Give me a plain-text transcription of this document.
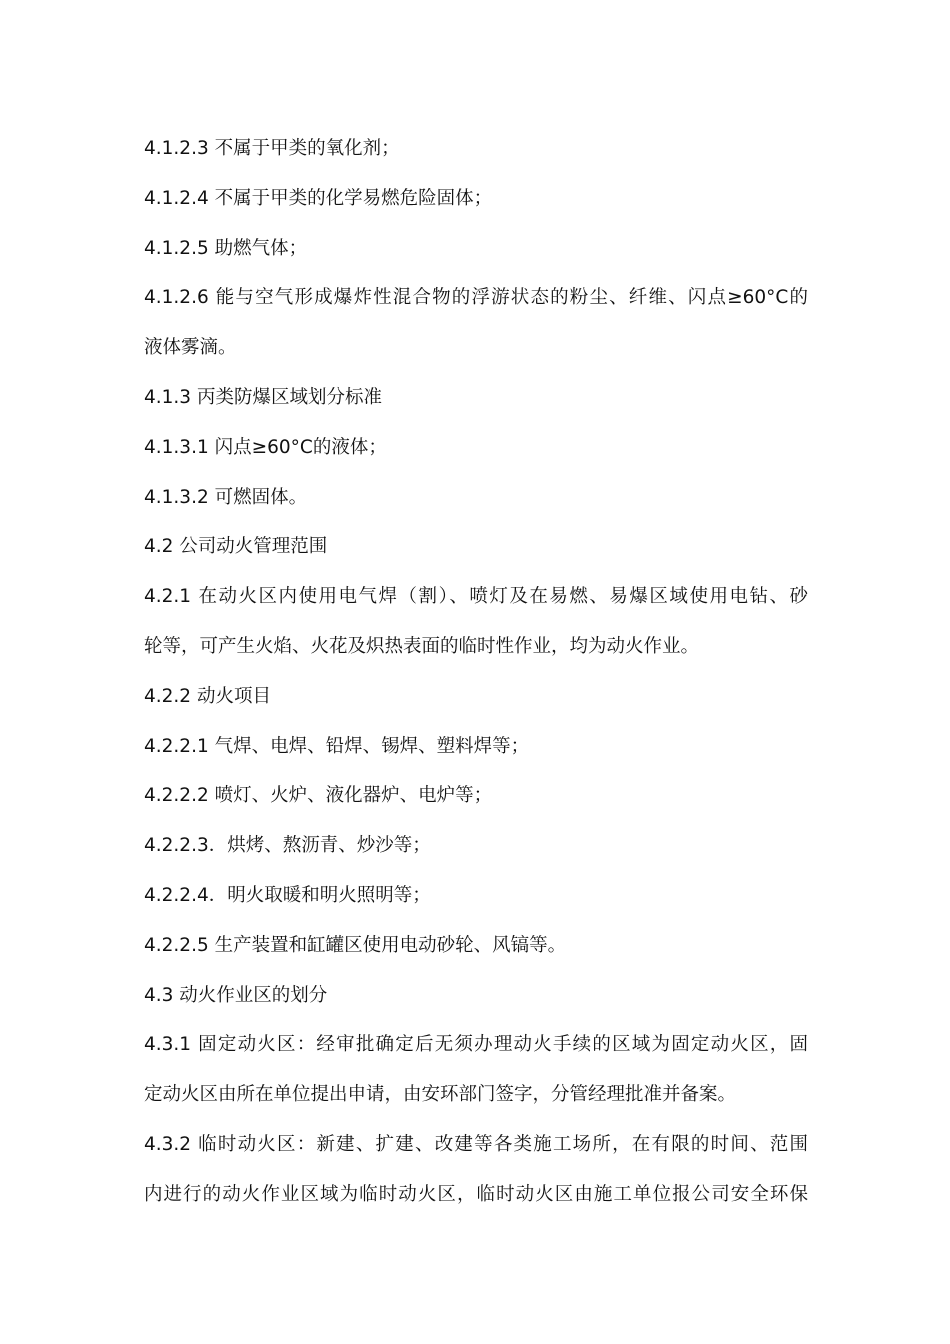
4.1.2.3 不属于甲类的氧化剂；
4.1.2.4 不属于甲类的化学易燃危险固体；
4.1.2.5 助燃气体；
4.1.2.6 能与空气形成爆炸性混合物的浮游状态的粉尘、纤维、闪点≥60°C的
液体雾滴。
4.1.3 丙类防爆区域划分标准
4.1.3.1 闪点≥60°C的液体；
4.1.3.2 可燃固体。
4.2 公司动火管理范围
4.2.1 在动火区内使用电气焊（割）、喷灯及在易燃、易爆区域使用电钻、砂
轮等，可产生火焰、火花及炽热表面的临时性作业，均为动火作业。
4.2.2 动火项目
4.2.2.1 气焊、电焊、铅焊、锡焊、塑料焊等；
4.2.2.2 喷灯、火炉、液化器炉、电炉等；
4.2.2.3．烘烤、熬沥青、炒沙等；
4.2.2.4．明火取暖和明火照明等；
4.2.2.5 生产装置和缸罐区使用电动砂轮、风镐等。
4.3 动火作业区的划分
4.3.1 固定动火区：经审批确定后无须办理动火手续的区域为固定动火区，固
定动火区由所在单位提出申请，由安环部门签字，分管经理批准并备案。
4.3.2 临时动火区：新建、扩建、改建等各类施工场所，在有限的时间、范围
内进行的动火作业区域为临时动火区，临时动火区由施工单位报公司安全环保
